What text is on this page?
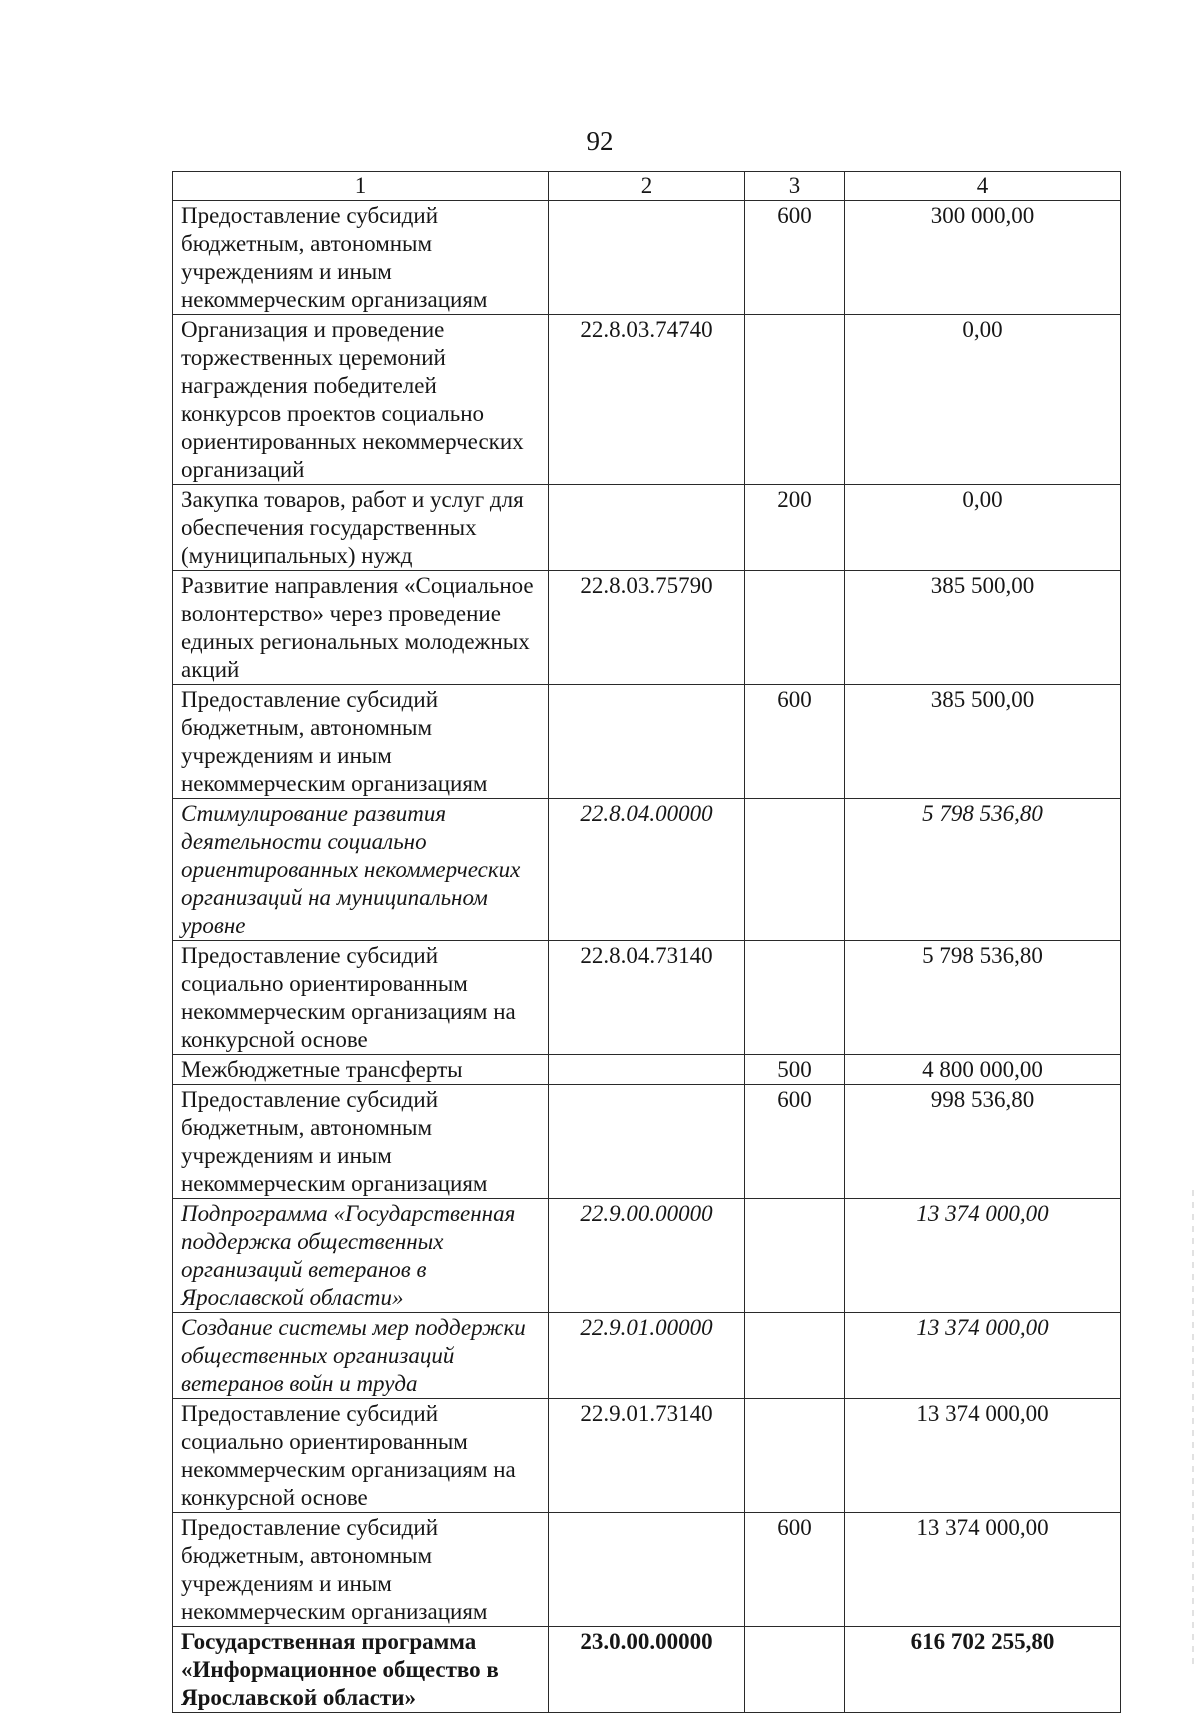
92
1	2	3	4
Предоставление субсидий бюджетным, автономным учреждениям и иным некоммерческим организациям		600	300 000,00
Организация и проведение торжественных церемоний награждения победителей конкурсов проектов социально ориентированных некоммерческих организаций	22.8.03.74740		0,00
Закупка товаров, работ и услуг для обеспечения государственных (муниципальных) нужд		200	0,00
Развитие направления «Социальное волонтерство» через проведение единых региональных молодежных акций	22.8.03.75790		385 500,00
Предоставление субсидий бюджетным, автономным учреждениям и иным некоммерческим организациям		600	385 500,00
Стимулирование развития деятельности социально ориентированных некоммерческих организаций на муниципальном уровне	22.8.04.00000		5 798 536,80
Предоставление субсидий социально ориентированным некоммерческим организациям на конкурсной основе	22.8.04.73140		5 798 536,80
Межбюджетные трансферты		500	4 800 000,00
Предоставление субсидий бюджетным, автономным учреждениям и иным некоммерческим организациям		600	998 536,80
Подпрограмма «Государственная поддержка общественных организаций ветеранов в Ярославской области»	22.9.00.00000		13 374 000,00
Создание системы мер поддержки общественных организаций ветеранов войн и труда	22.9.01.00000		13 374 000,00
Предоставление субсидий социально ориентированным некоммерческим организациям на конкурсной основе	22.9.01.73140		13 374 000,00
Предоставление субсидий бюджетным, автономным учреждениям и иным некоммерческим организациям		600	13 374 000,00
Государственная программа «Информационное общество в Ярославской области»	23.0.00.00000		616 702 255,80
